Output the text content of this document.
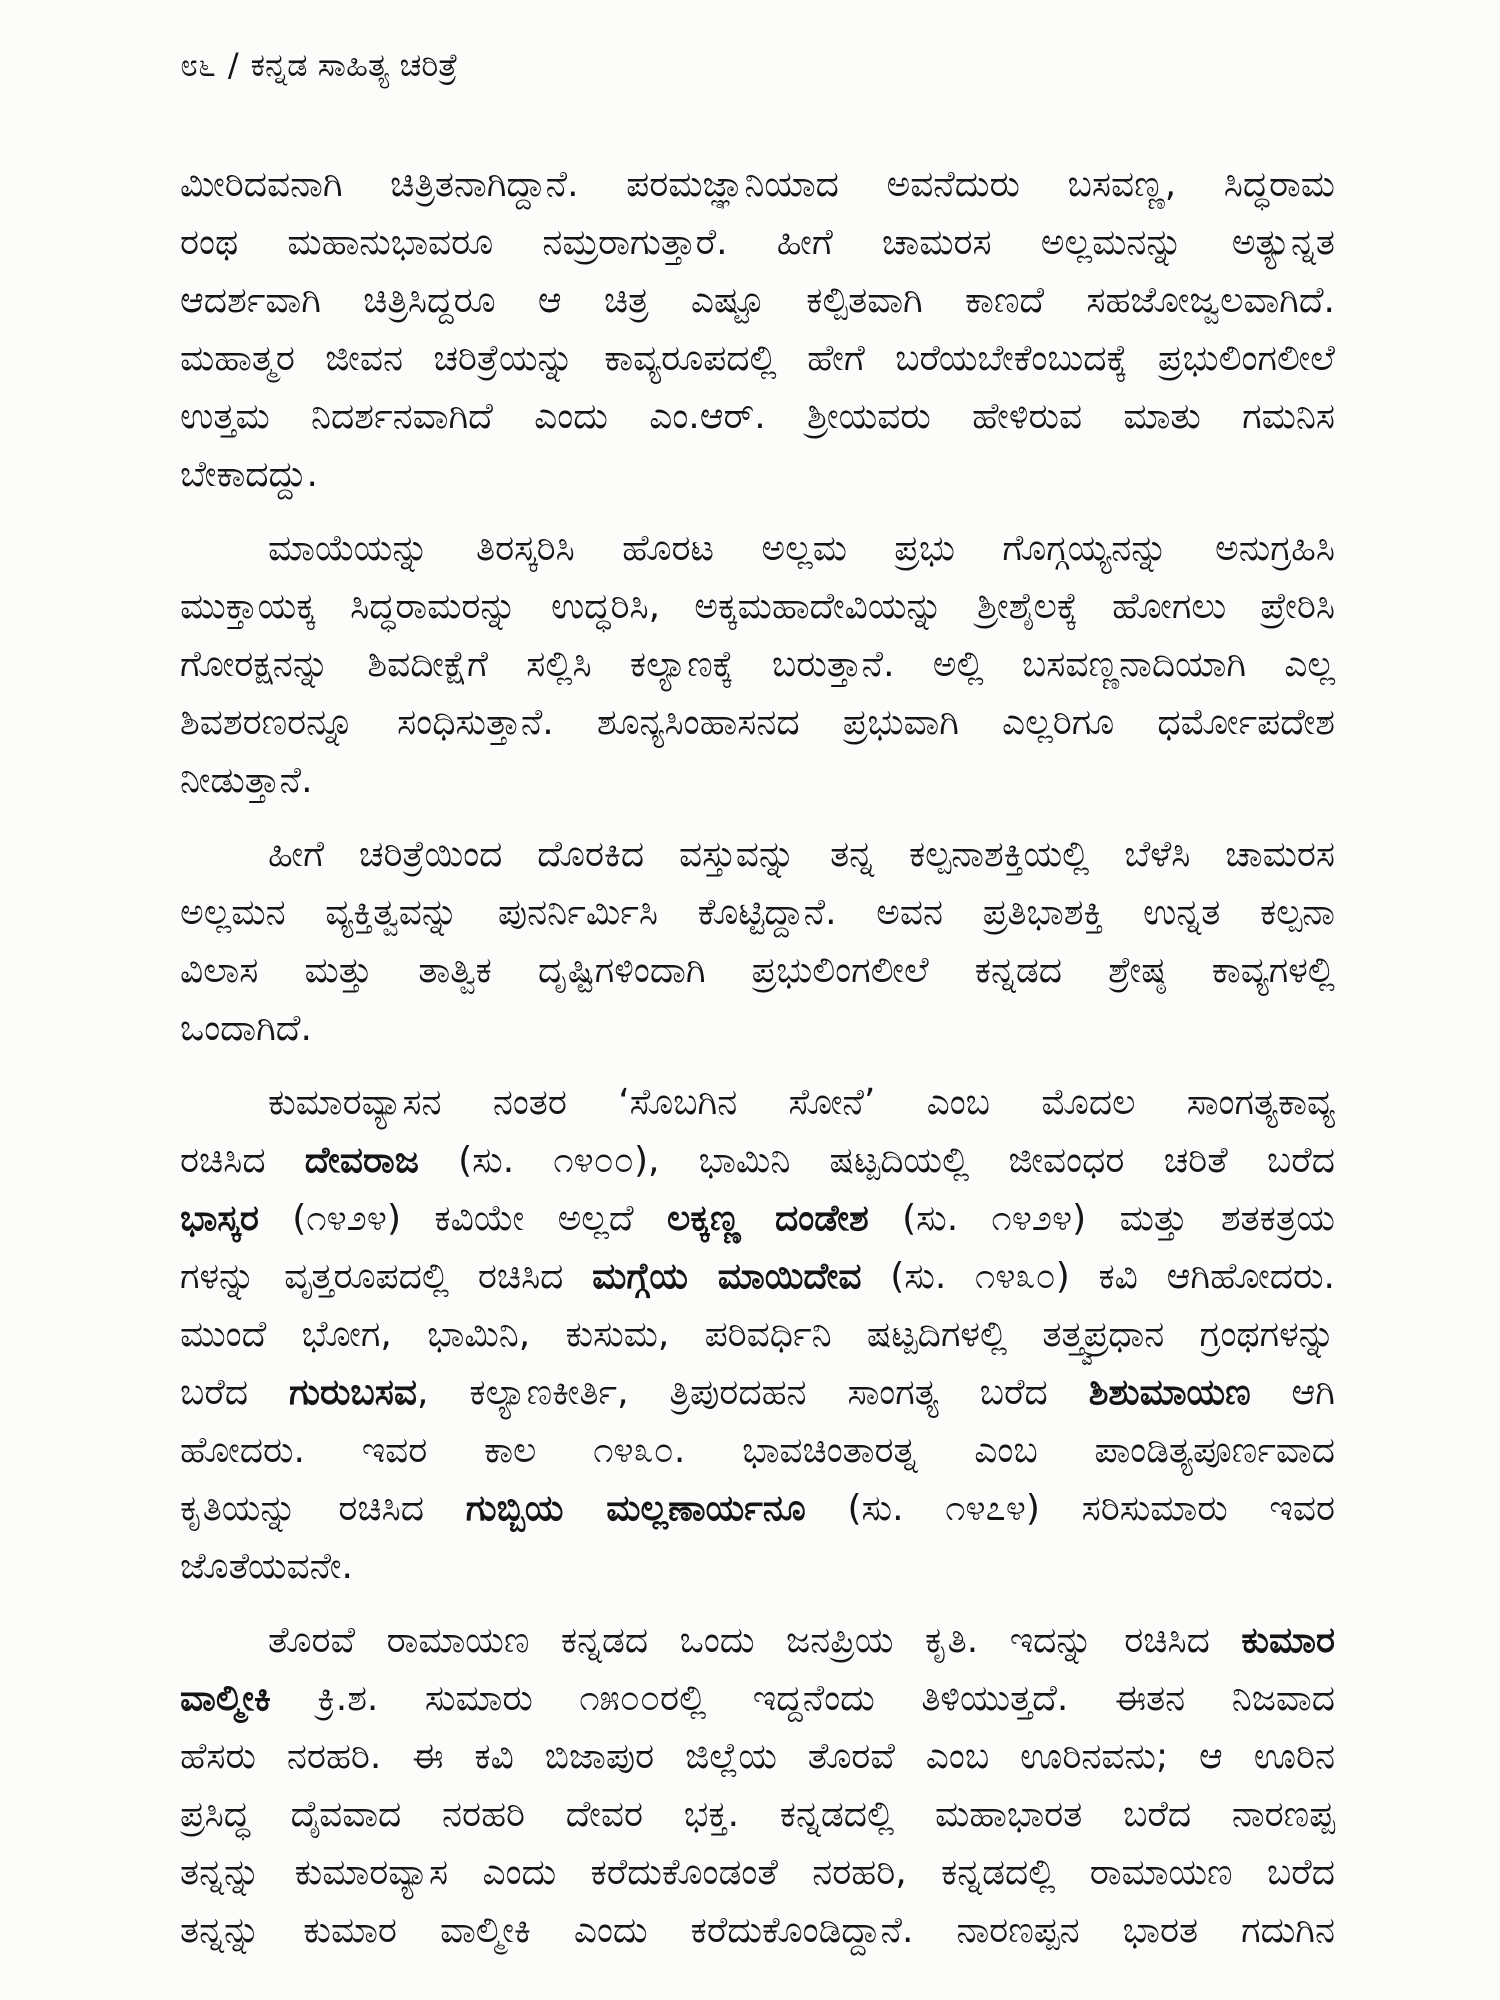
೮೬ / ಕನ್ನಡ ಸಾಹಿತ್ಯ ಚರಿತ್ರೆ
ಮೀರಿದವನಾಗಿ ಚಿತ್ರಿತನಾಗಿದ್ದಾನೆ. ಪರಮಜ್ಞಾನಿಯಾದ ಅವನೆದುರು ಬಸವಣ್ಣ, ಸಿದ್ಧರಾಮ
ರಂಥ ಮಹಾನುಭಾವರೂ ನಮ್ರರಾಗುತ್ತಾರೆ. ಹೀಗೆ ಚಾಮರಸ ಅಲ್ಲಮನನ್ನು ಅತ್ಯುನ್ನತ
ಆದರ್ಶವಾಗಿ ಚಿತ್ರಿಸಿದ್ದರೂ ಆ ಚಿತ್ರ ಎಷ್ಟೂ ಕಲ್ಪಿತವಾಗಿ ಕಾಣದೆ ಸಹಜೋಜ್ವಲವಾಗಿದೆ.
ಮಹಾತ್ಮರ ಜೀವನ ಚರಿತ್ರೆಯನ್ನು ಕಾವ್ಯರೂಪದಲ್ಲಿ ಹೇಗೆ ಬರೆಯಬೇಕೆಂಬುದಕ್ಕೆ ಪ್ರಭುಲಿಂಗಲೀಲೆ
ಉತ್ತಮ ನಿದರ್ಶನವಾಗಿದೆ ಎಂದು ಎಂ.ಆರ್. ಶ್ರೀಯವರು ಹೇಳಿರುವ ಮಾತು ಗಮನಿಸ
ಬೇಕಾದದ್ದು.
ಮಾಯೆಯನ್ನು ತಿರಸ್ಕರಿಸಿ ಹೊರಟ ಅಲ್ಲಮ ಪ್ರಭು ಗೊಗ್ಗಯ್ಯನನ್ನು ಅನುಗ್ರಹಿಸಿ
ಮುಕ್ತಾಯಕ್ಕ ಸಿದ್ಧರಾಮರನ್ನು ಉದ್ಧರಿಸಿ, ಅಕ್ಕಮಹಾದೇವಿಯನ್ನು ಶ್ರೀಶೈಲಕ್ಕೆ ಹೋಗಲು ಪ್ರೇರಿಸಿ
ಗೋರಕ್ಷನನ್ನು ಶಿವದೀಕ್ಷೆಗೆ ಸಲ್ಲಿಸಿ ಕಲ್ಯಾಣಕ್ಕೆ ಬರುತ್ತಾನೆ. ಅಲ್ಲಿ ಬಸವಣ್ಣನಾದಿಯಾಗಿ ಎಲ್ಲ
ಶಿವಶರಣರನ್ನೂ ಸಂಧಿಸುತ್ತಾನೆ. ಶೂನ್ಯಸಿಂಹಾಸನದ ಪ್ರಭುವಾಗಿ ಎಲ್ಲರಿಗೂ ಧರ್ಮೋಪದೇಶ
ನೀಡುತ್ತಾನೆ.
ಹೀಗೆ ಚರಿತ್ರೆಯಿಂದ ದೊರಕಿದ ವಸ್ತುವನ್ನು ತನ್ನ ಕಲ್ಪನಾಶಕ್ತಿಯಲ್ಲಿ ಬೆಳೆಸಿ ಚಾಮರಸ
ಅಲ್ಲಮನ ವ್ಯಕ್ತಿತ್ವವನ್ನು ಪುನರ್ನಿರ್ಮಿಸಿ ಕೊಟ್ಟಿದ್ದಾನೆ. ಅವನ ಪ್ರತಿಭಾಶಕ್ತಿ ಉನ್ನತ ಕಲ್ಪನಾ
ವಿಲಾಸ ಮತ್ತು ತಾತ್ವಿಕ ದೃಷ್ಟಿಗಳಿಂದಾಗಿ ಪ್ರಭುಲಿಂಗಲೀಲೆ ಕನ್ನಡದ ಶ್ರೇಷ್ಠ ಕಾವ್ಯಗಳಲ್ಲಿ
ಒಂದಾಗಿದೆ.
ಕುಮಾರವ್ಯಾಸನ ನಂತರ ‘ಸೊಬಗಿನ ಸೋನೆ’ ಎಂಬ ಮೊದಲ ಸಾಂಗತ್ಯಕಾವ್ಯ
ರಚಿಸಿದ ದೇವರಾಜ (ಸು. ೧೪೦೦), ಭಾಮಿನಿ ಷಟ್ಪದಿಯಲ್ಲಿ ಜೀವಂಧರ ಚರಿತೆ ಬರೆದ
ಭಾಸ್ಕರ (೧೪೨೪) ಕವಿಯೇ ಅಲ್ಲದೆ ಲಕ್ಕಣ್ಣ ದಂಡೇಶ (ಸು. ೧೪೨೪) ಮತ್ತು ಶತಕತ್ರಯ
ಗಳನ್ನು ವೃತ್ತರೂಪದಲ್ಲಿ ರಚಿಸಿದ ಮಗ್ಗೆಯ ಮಾಯಿದೇವ (ಸು. ೧೪೩೦) ಕವಿ ಆಗಿಹೋದರು.
ಮುಂದೆ ಭೋಗ, ಭಾಮಿನಿ, ಕುಸುಮ, ಪರಿವರ್ಧಿನಿ ಷಟ್ಪದಿಗಳಲ್ಲಿ ತತ್ತ್ವಪ್ರಧಾನ ಗ್ರಂಥಗಳನ್ನು
ಬರೆದ ಗುರುಬಸವ, ಕಲ್ಯಾಣಕೀರ್ತಿ, ತ್ರಿಪುರದಹನ ಸಾಂಗತ್ಯ ಬರೆದ ಶಿಶುಮಾಯಣ ಆಗಿ
ಹೋದರು. ಇವರ ಕಾಲ ೧೪೩೦. ಭಾವಚಿಂತಾರತ್ನ ಎಂಬ ಪಾಂಡಿತ್ಯಪೂರ್ಣವಾದ
ಕೃತಿಯನ್ನು ರಚಿಸಿದ ಗುಬ್ಬಿಯ ಮಲ್ಲಣಾರ್ಯನೂ (ಸು. ೧೪೭೪) ಸರಿಸುಮಾರು ಇವರ
ಜೊತೆಯವನೇ.
ತೊರವೆ ರಾಮಾಯಣ ಕನ್ನಡದ ಒಂದು ಜನಪ್ರಿಯ ಕೃತಿ. ಇದನ್ನು ರಚಿಸಿದ ಕುಮಾರ
ವಾಲ್ಮೀಕಿ ಕ್ರಿ.ಶ. ಸುಮಾರು ೧೫೦೦ರಲ್ಲಿ ಇದ್ದನೆಂದು ತಿಳಿಯುತ್ತದೆ. ಈತನ ನಿಜವಾದ
ಹೆಸರು ನರಹರಿ. ಈ ಕವಿ ಬಿಜಾಪುರ ಜಿಲ್ಲೆಯ ತೊರವೆ ಎಂಬ ಊರಿನವನು; ಆ ಊರಿನ
ಪ್ರಸಿದ್ಧ ದೈವವಾದ ನರಹರಿ ದೇವರ ಭಕ್ತ. ಕನ್ನಡದಲ್ಲಿ ಮಹಾಭಾರತ ಬರೆದ ನಾರಣಪ್ಪ
ತನ್ನನ್ನು ಕುಮಾರವ್ಯಾಸ ಎಂದು ಕರೆದುಕೊಂಡಂತೆ ನರಹರಿ, ಕನ್ನಡದಲ್ಲಿ ರಾಮಾಯಣ ಬರೆದ
ತನ್ನನ್ನು ಕುಮಾರ ವಾಲ್ಮೀಕಿ ಎಂದು ಕರೆದುಕೊಂಡಿದ್ದಾನೆ. ನಾರಣಪ್ಪನ ಭಾರತ ಗದುಗಿನ
